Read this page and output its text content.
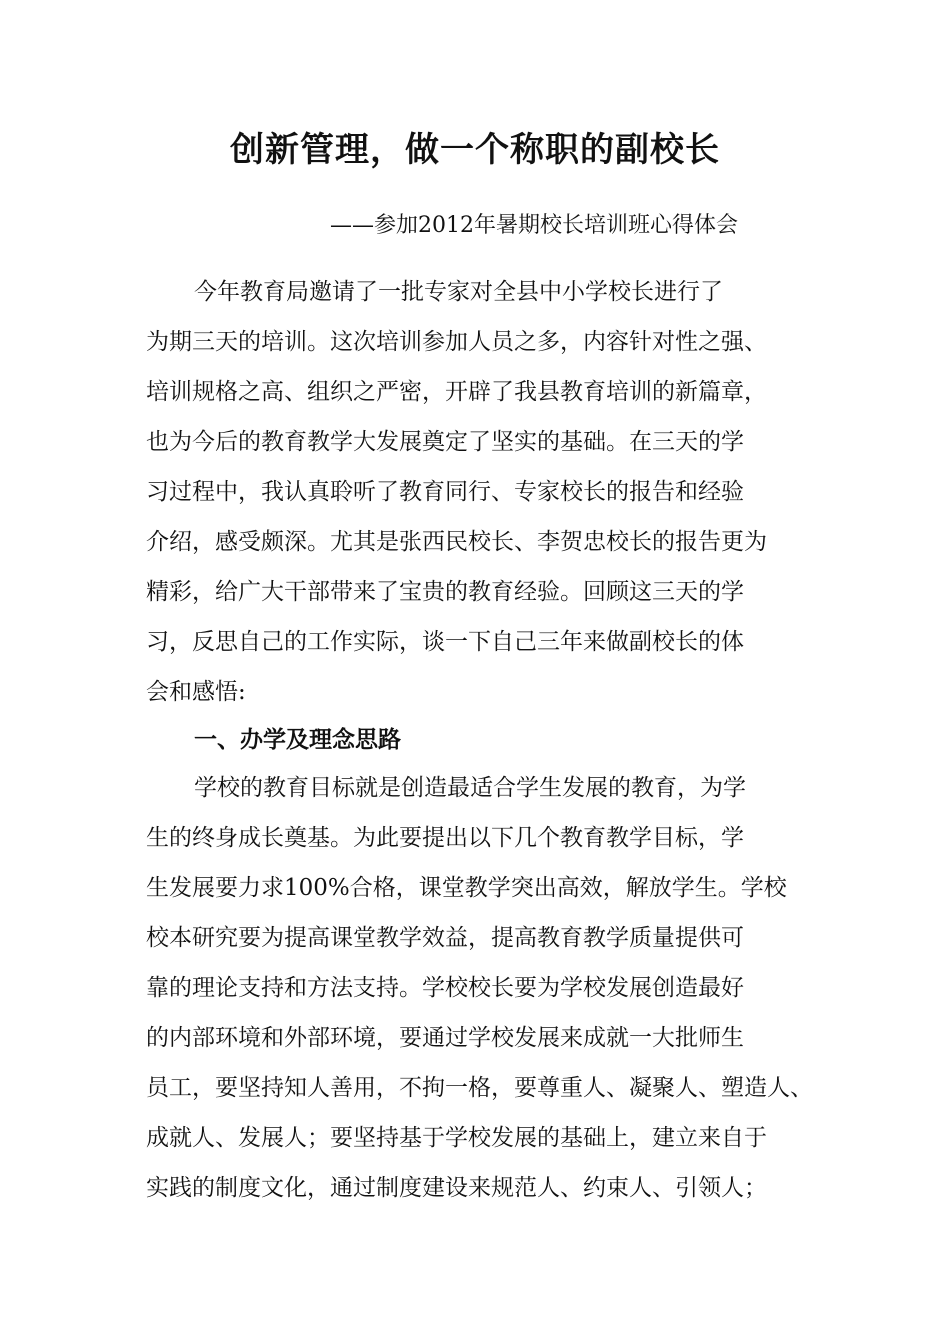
创新管理，做一个称职的副校长

——参加2012年暑期校长培训班心得体会

今年教育局邀请了一批专家对全县中小学校长进行了

为期三天的培训。这次培训参加人员之多，内容针对性之强、

培训规格之高、组织之严密，开辟了我县教育培训的新篇章，

也为今后的教育教学大发展奠定了坚实的基础。在三天的学

习过程中，我认真聆听了教育同行、专家校长的报告和经验

介绍，感受颇深。尤其是张西民校长、李贺忠校长的报告更为

精彩，给广大干部带来了宝贵的教育经验。回顾这三天的学

习，反思自己的工作实际，谈一下自己三年来做副校长的体

会和感悟:

一、办学及理念思路

学校的教育目标就是创造最适合学生发展的教育，为学

生的终身成长奠基。为此要提出以下几个教育教学目标，学

生发展要力求100%合格，课堂教学突出高效，解放学生。学校

校本研究要为提高课堂教学效益，提高教育教学质量提供可

靠的理论支持和方法支持。学校校长要为学校发展创造最好

的内部环境和外部环境，要通过学校发展来成就一大批师生

员工，要坚持知人善用，不拘一格，要尊重人、凝聚人、塑造人、

成就人、发展人；要坚持基于学校发展的基础上，建立来自于

实践的制度文化，通过制度建设来规范人、约束人、引领人；
